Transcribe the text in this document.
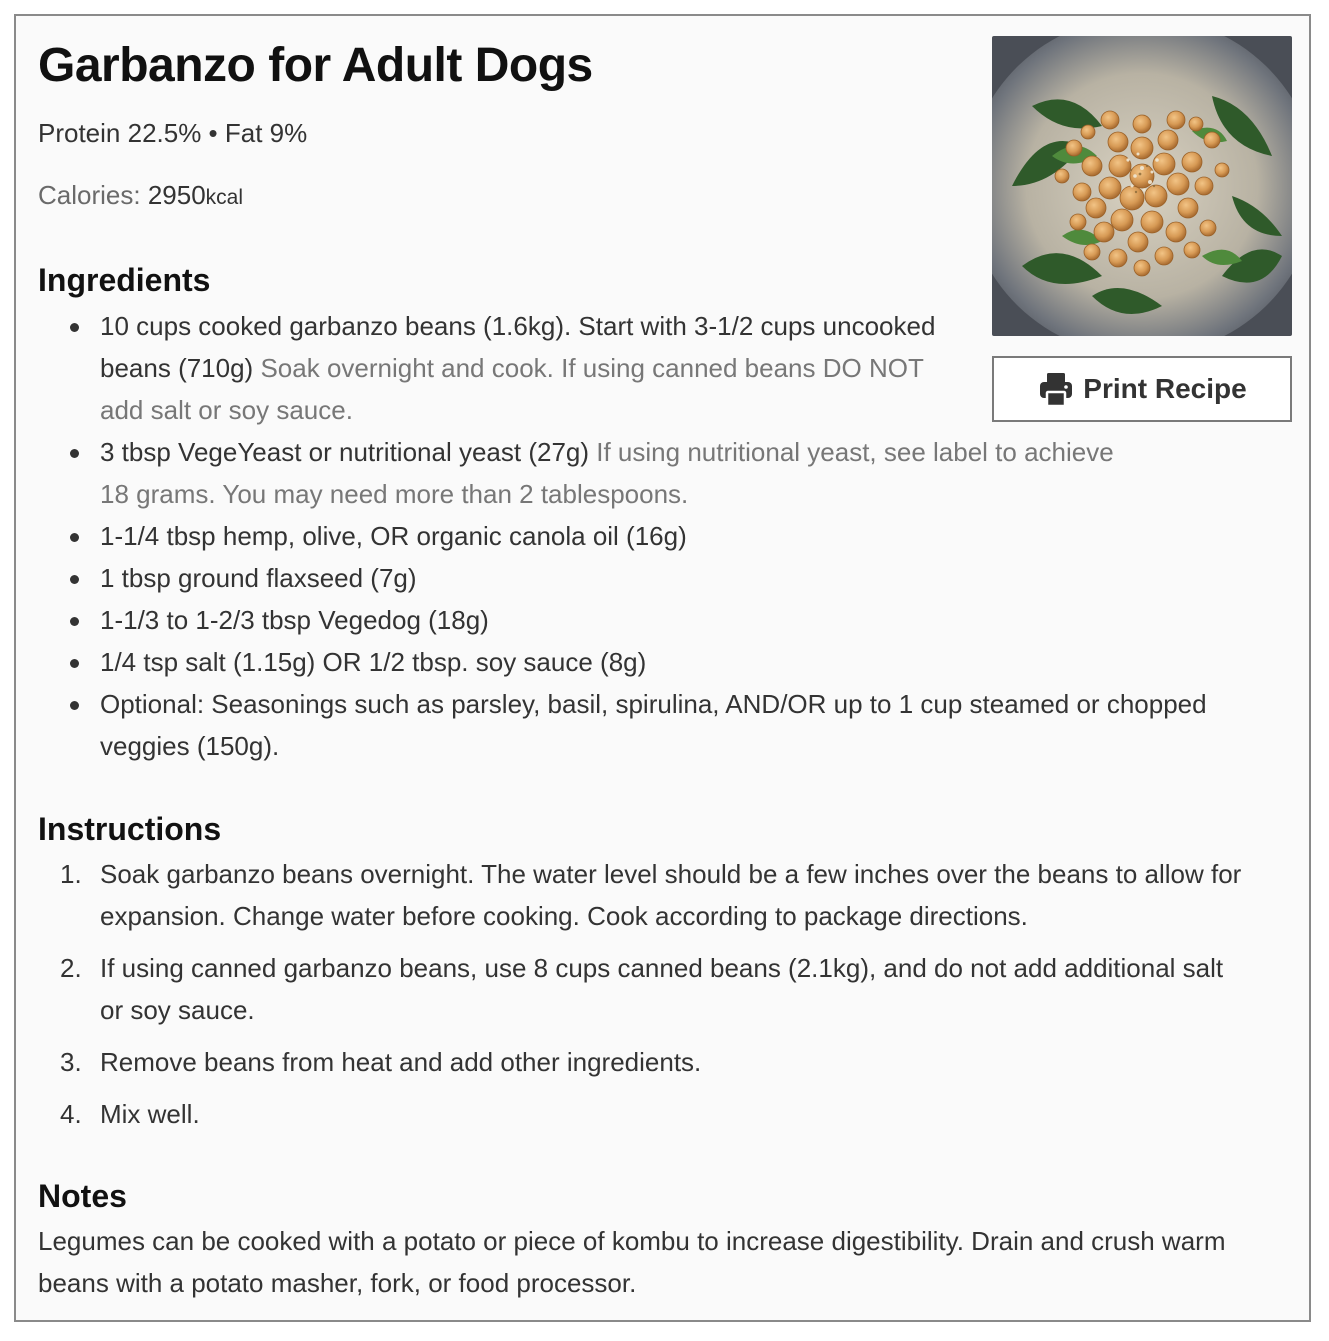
Garbanzo for Adult Dogs
Protein 22.5% • Fat 9%
Calories: 2950kcal
Print Recipe
Ingredients
10 cups cooked garbanzo beans (1.6kg). Start with 3-1/2 cups uncooked beans (710g) Soak overnight and cook. If using canned beans DO NOT add salt or soy sauce.
3 tbsp VegeYeast or nutritional yeast (27g) If using nutritional yeast, see label to achieve 18 grams. You may need more than 2 tablespoons.
1-1/4 tbsp hemp, olive, OR organic canola oil (16g)
1 tbsp ground flaxseed (7g)
1-1/3 to 1-2/3 tbsp Vegedog (18g)
1/4 tsp salt (1.15g) OR 1/2 tbsp. soy sauce (8g)
Optional: Seasonings such as parsley, basil, spirulina, AND/OR up to 1 cup steamed or chopped veggies (150g).
Instructions
1. Soak garbanzo beans overnight. The water level should be a few inches over the beans to allow for expansion. Change water before cooking. Cook according to package directions.
2. If using canned garbanzo beans, use 8 cups canned beans (2.1kg), and do not add additional salt or soy sauce.
3. Remove beans from heat and add other ingredients.
4. Mix well.
Notes
Legumes can be cooked with a potato or piece of kombu to increase digestibility. Drain and crush warm beans with a potato masher, fork, or food processor.
